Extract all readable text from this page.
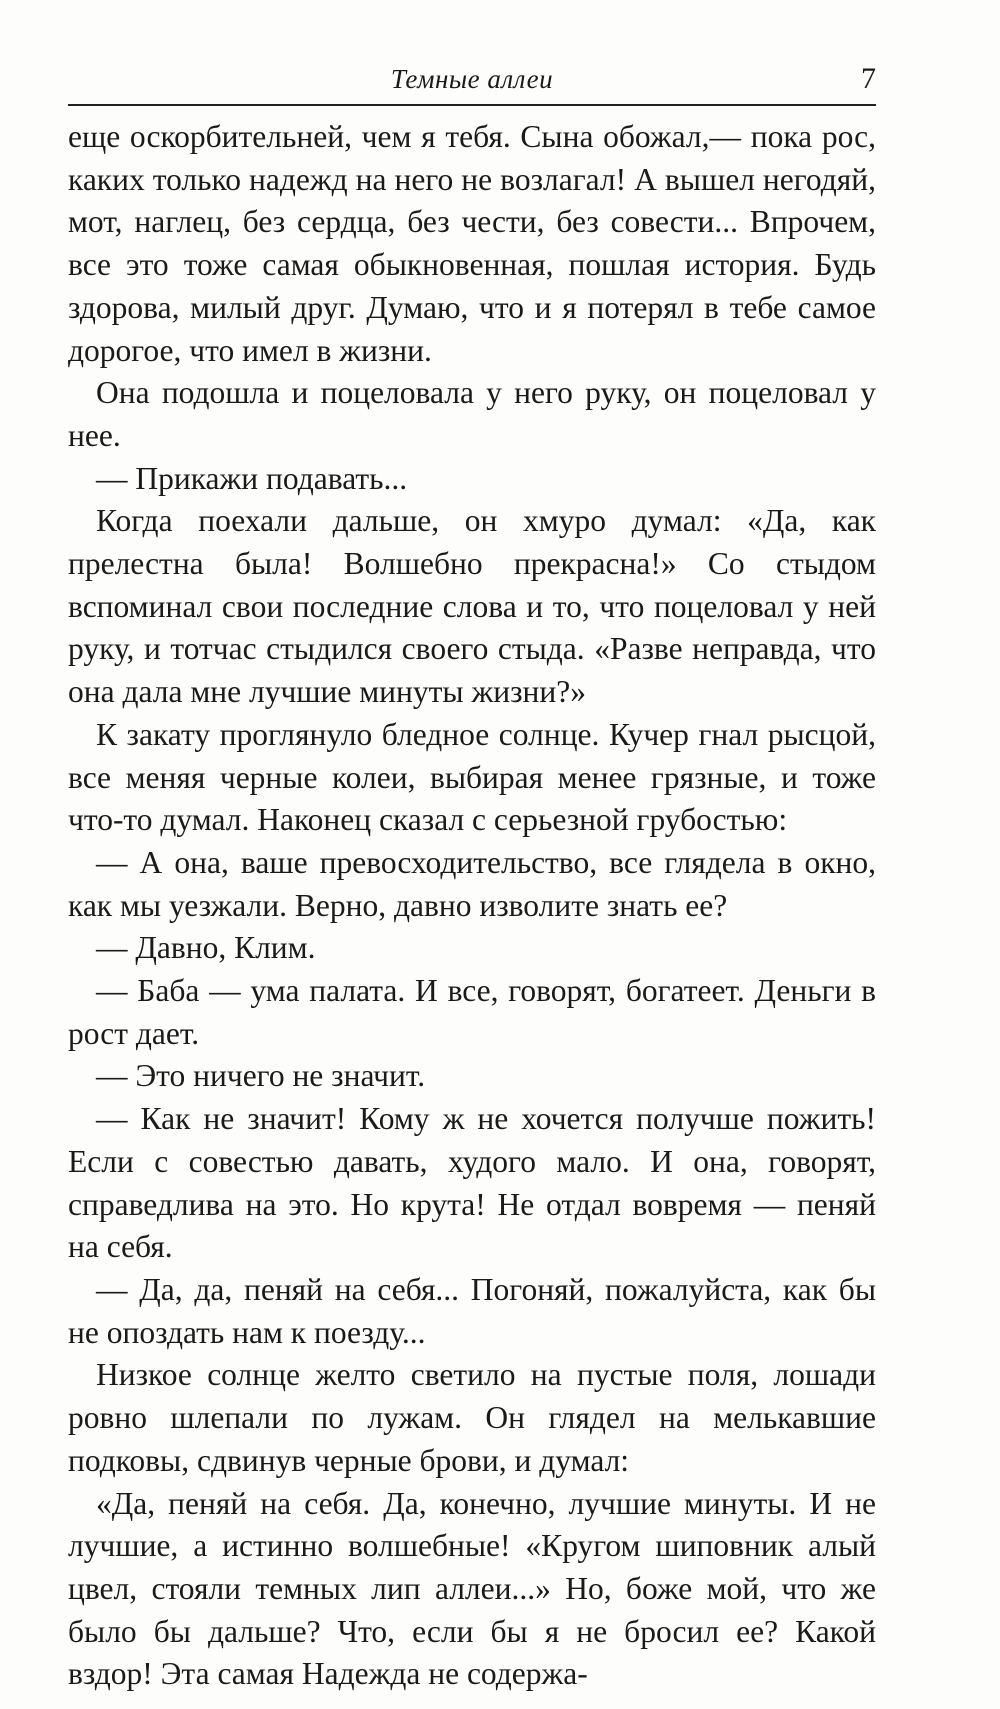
Темные аллеи	7

еще оскорбительней, чем я тебя. Сына обожал,— пока рос, каких только надежд на него не возлагал! А вышел негодяй, мот, наглец, без сердца, без чести, без совести... Впрочем, все это тоже самая обыкновенная, пошлая история. Будь здорова, милый друг. Думаю, что и я потерял в тебе самое дорогое, что имел в жизни.

Она подошла и поцеловала у него руку, он поцеловал у нее.

— Прикажи подавать...

Когда поехали дальше, он хмуро думал: «Да, как прелестна была! Волшебно прекрасна!» Со стыдом вспоминал свои последние слова и то, что поцеловал у ней руку, и тотчас стыдился своего стыда. «Разве неправда, что она дала мне лучшие минуты жизни?»

К закату проглянуло бледное солнце. Кучер гнал рысцой, все меняя черные колеи, выбирая менее грязные, и тоже что-то думал. Наконец сказал с серьезной грубостью:

— А она, ваше превосходительство, все глядела в окно, как мы уезжали. Верно, давно изволите знать ее?

— Давно, Клим.

— Баба — ума палата. И все, говорят, богатеет. Деньги в рост дает.

— Это ничего не значит.

— Как не значит! Кому ж не хочется получше пожить! Если с совестью давать, худого мало. И она, говорят, справедлива на это. Но крута! Не отдал вовремя — пеняй на себя.

— Да, да, пеняй на себя... Погоняй, пожалуйста, как бы не опоздать нам к поезду...

Низкое солнце желто светило на пустые поля, лошади ровно шлепали по лужам. Он глядел на мелькавшие подковы, сдвинув черные брови, и думал:

«Да, пеняй на себя. Да, конечно, лучшие минуты. И не лучшие, а истинно волшебные! «Кругом шиповник алый цвел, стояли темных лип аллеи...» Но, боже мой, что же было бы дальше? Что, если бы я не бросил ее? Какой вздор! Эта самая Надежда не содержа-
